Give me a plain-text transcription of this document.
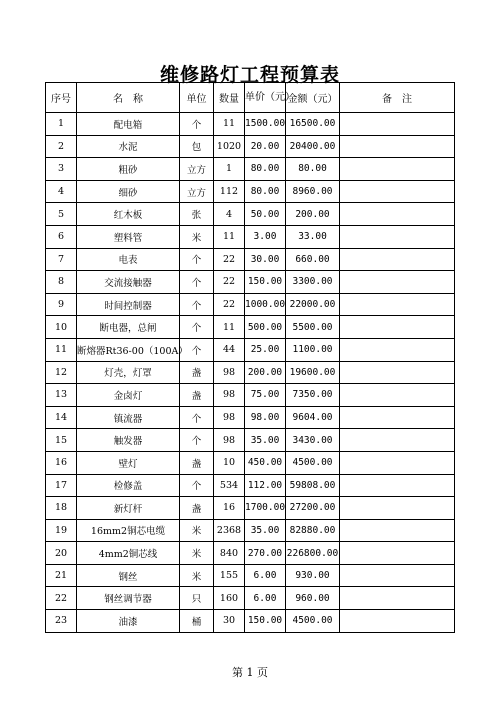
维修路灯工程预算表
序号	名　称	单位	数量	单价（元）	金额（元）	备　注
1	配电箱	个	11	1500.00	16500.00	
2	水泥	包	1020	20.00	20400.00	
3	粗砂	立方	1	80.00	80.00	
4	细砂	立方	112	80.00	8960.00	
5	红木板	张	4	50.00	200.00	
6	塑料管	米	11	3.00	33.00	
7	电表	个	22	30.00	660.00	
8	交流接触器	个	22	150.00	3300.00	
9	时间控制器	个	22	1000.00	22000.00	
10	断电器，总闸	个	11	500.00	5500.00	
11	断熔器Rt36-00（100A）	个	44	25.00	1100.00	
12	灯壳，灯罩	盏	98	200.00	19600.00	
13	金卤灯	盏	98	75.00	7350.00	
14	镇流器	个	98	98.00	9604.00	
15	触发器	个	98	35.00	3430.00	
16	壁灯	盏	10	450.00	4500.00	
17	检修盖	个	534	112.00	59808.00	
18	新灯杆	盏	16	1700.00	27200.00	
19	16mm2铜芯电缆	米	2368	35.00	82880.00	
20	4mm2铜芯线	米	840	270.00	226800.00	
21	钢丝	米	155	6.00	930.00	
22	钢丝调节器	只	160	6.00	960.00	
23	油漆	桶	30	150.00	4500.00	
第 1 页
